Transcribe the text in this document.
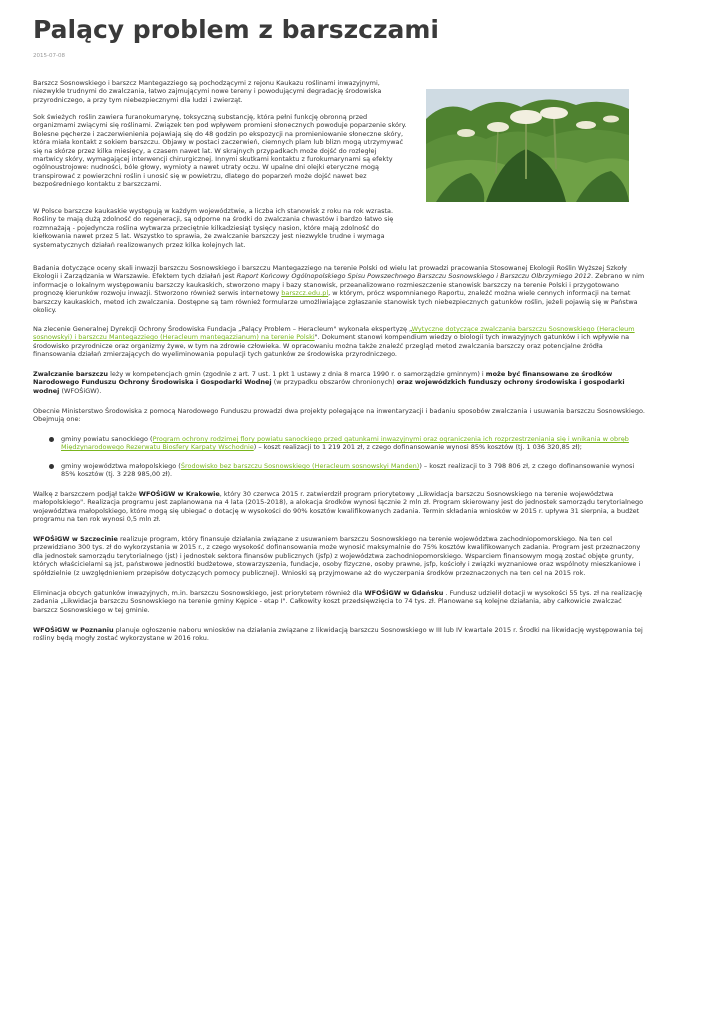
Palący problem z barszczami
2015-07-08

Barszcz Sosnowskiego i barszcz Mantegazziego są pochodzącymi z rejonu Kaukazu roślinami inwazyjnymi, niezwykle trudnymi do zwalczania, łatwo zajmującymi nowe tereny i powodującymi degradację środowiska przyrodniczego, a przy tym niebezpiecznymi dla ludzi i zwierząt.

Sok świeżych roślin zawiera furanokumarynę, toksyczną substancję, która pełni funkcję obronną przed organizmami zwiącymi się roślinami. Związek ten pod wpływem promieni słonecznych powoduje poparzenie skóry. Bolesne pęcherze i zaczerwienienia pojawiają się do 48 godzin po ekspozycji na promieniowanie słoneczne skóry, która miała kontakt z sokiem barszczu. Objawy w postaci zaczerwień, ciemnych plam lub blizn mogą utrzymywać się na skórze przez kilka miesięcy, a czasem nawet lat. W skrajnych przypadkach może dojść do rozległej martwicy skóry, wymagającej interwencji chirurgicznej. Innymi skutkami kontaktu z furokumarynami są efekty ogólnoustrojowe: nudności, bóle głowy, wymioty a nawet utraty oczu. W upalne dni olejki eteryczne mogą transpirować z powierzchni roślin i unosić się w powietrzu, dlatego do poparzeń może dojść nawet bez bezpośredniego kontaktu z barszczami.

W Polsce barszcze kaukaskie występują w każdym województwie, a liczba ich stanowisk z roku na rok wzrasta. Rośliny te mają dużą zdolność do regeneracji, są odporne na środki do zwalczania chwastów i bardzo łatwo się rozmnażają - pojedyncza roślina wytwarza przeciętnie kilkadziesiąt tysięcy nasion, które mają zdolność do kiełkowania nawet przez 5 lat. Wszystko to sprawia, że zwalczanie barszczy jest niezwykle trudne i wymaga systematycznych działań realizowanych przez kilka kolejnych lat.

Badania dotyczące oceny skali inwazji barszczu Sosnowskiego i barszczu Mantegazziego na terenie Polski od wielu lat prowadzi pracowania Stosowanej Ekologii Roślin Wyższej Szkoły Ekologii i Zarządzania w Warszawie. Efektem tych działań jest Raport Końcowy Ogólnopolskiego Spisu Powszechnego Barszczu Sosnowskiego i Barszczu Olbrzymiego 2012. Zebrano w nim informacje o lokalnym występowaniu barszczy kaukaskich, stworzono mapy i bazy stanowisk, przeanalizowano rozmieszczenie stanowisk barszczy na terenie Polski i przygotowano prognozę kierunków rozwoju inwazji. Stworzono również serwis internetowy barszcz.edu.pl, w którym, prócz wspomnianego Raportu, znaleźć można wiele cennych informacji na temat barszczy kaukaskich, metod ich zwalczania. Dostępne są tam również formularze umożliwiające zgłaszanie stanowisk tych niebezpiecznych gatunków roślin, jeżeli pojawią się w Państwa okolicy.

Na zlecenie Generalnej Dyrekcji Ochrony Środowiska Fundacja „Palący Problem – Heracleum" wykonała ekspertyzę „Wytyczne dotyczące zwalczania barszczu Sosnowskiego (Heracleum sosnowskyi) i barszczu Mantegazziego (Heracleum mantegazzianum) na terenie Polski". Dokument stanowi kompendium wiedzy o biologii tych inwazyjnych gatunków i ich wpływie na środowisko przyrodnicze oraz organizmy żywe, w tym na zdrowie człowieka. W opracowaniu można także znaleźć przegląd metod zwalczania barszczy oraz potencjalne źródła finansowania działań zmierzających do wyeliminowania populacji tych gatunków ze środowiska przyrodniczego.

Zwalczanie barszczu leży w kompetencjach gmin (zgodnie z art. 7 ust. 1 pkt 1 ustawy z dnia 8 marca 1990 r. o samorządzie gminnym) i może być finansowane ze środków Narodowego Funduszu Ochrony Środowiska i Gospodarki Wodnej (w przypadku obszarów chronionych) oraz wojewódzkich funduszy ochrony środowiska i gospodarki wodnej (WFOŚiGW).

Obecnie Ministerstwo Środowiska z pomocą Narodowego Funduszu prowadzi dwa projekty polegające na inwentaryzacji i badaniu sposobów zwalczania i usuwania barszczu Sosnowskiego. Obejmują one:

gminy powiatu sanockiego (Program ochrony rodzimej flory powiatu sanockiego przed gatunkami inwazyjnymi oraz ograniczenia ich rozprzestrzeniania się i wnikania w obręb Międzynarodowego Rezerwatu Biosfery Karpaty Wschodnie) – koszt realizacji to 1 219 201 zł, z czego dofinansowanie wynosi 85% kosztów (tj. 1 036 320,85 zł);
gminy województwa małopolskiego (Środowisko bez barszczu Sosnowskiego (Heracleum sosnowskyi Manden)) – koszt realizacji to 3 798 806 zł, z czego dofinansowanie wynosi 85% kosztów (tj. 3 228 985,00 zł).

Walkę z barszczem podjął także WFOŚiGW w Krakowie, który 30 czerwca 2015 r. zatwierdził program priorytetowy „Likwidacja barszczu Sosnowskiego na terenie województwa małopolskiego". Realizacja programu jest zaplanowana na 4 lata (2015-2018), a alokacja środków wynosi łącznie 2 mln zł. Program skierowany jest do jednostek samorządu terytorialnego województwa małopolskiego, które mogą się ubiegać o dotację w wysokości do 90% kosztów kwalifikowanych zadania. Termin składania wniosków w 2015 r. upływa 31 sierpnia, a budżet programu na ten rok wynosi 0,5 mln zł.

WFOŚiGW w Szczecinie realizuje program, który finansuje działania związane z usuwaniem barszczu Sosnowskiego na terenie województwa zachodniopomorskiego. Na ten cel przewidziano 300 tys. zł do wykorzystania w 2015 r., z czego wysokość dofinansowania może wynosić maksymalnie do 75% kosztów kwalifikowanych zadania. Program jest przeznaczony dla jednostek samorządu terytorialnego (jst) i jednostek sektora finansów publicznych (jsfp) z województwa zachodniopomorskiego. Wsparciem finansowym mogą zostać objęte grunty, których właścicielami są jst, państwowe jednostki budżetowe, stowarzyszenia, fundacje, osoby fizyczne, osoby prawne, jsfp, kościoły i związki wyznaniowe oraz wspólnoty mieszkaniowe i spółdzielnie (z uwzględnieniem przepisów dotyczących pomocy publicznej). Wnioski są przyjmowane aż do wyczerpania środków przeznaczonych na ten cel na 2015 rok.

Eliminacja obcych gatunków inwazyjnych, m.in. barszczu Sosnowskiego, jest priorytetem również dla WFOŚiGW w Gdańsku . Fundusz udzielił dotacji w wysokości 55 tys. zł na realizację zadania „Likwidacja barszczu Sosnowskiego na terenie gminy Kępice - etap I". Całkowity koszt przedsięwzięcia to 74 tys. zł. Planowane są kolejne działania, aby całkowicie zwalczać barszcz Sosnowskiego w tej gminie.

WFOŚiGW w Poznaniu planuje ogłoszenie naboru wniosków na działania związane z likwidacją barszczu Sosnowskiego w III lub IV kwartale 2015 r. Środki na likwidację występowania tej rośliny będą mogły zostać wykorzystane w 2016 roku.
